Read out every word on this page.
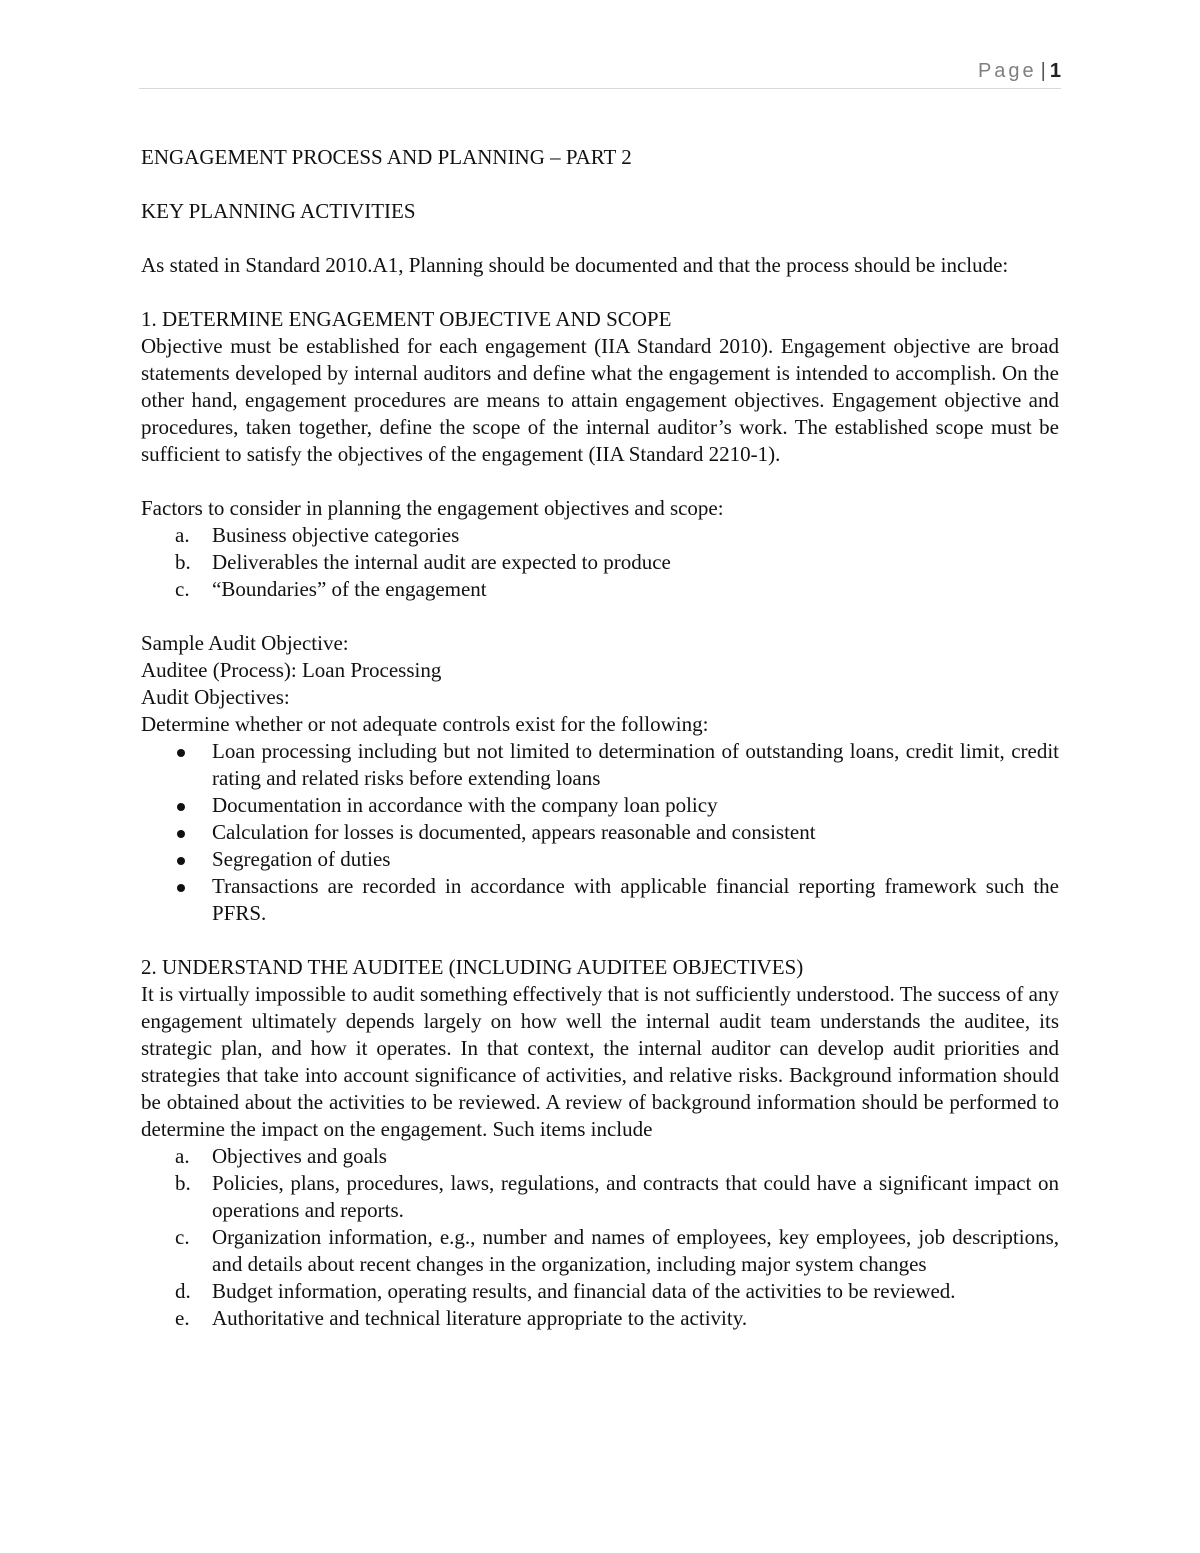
Page | 1

ENGAGEMENT PROCESS AND PLANNING – PART 2

KEY PLANNING ACTIVITIES

As stated in Standard 2010.A1, Planning should be documented and that the process should be include:

1. DETERMINE ENGAGEMENT OBJECTIVE AND SCOPE

Objective must be established for each engagement (IIA Standard 2010). Engagement objective are broad statements developed by internal auditors and define what the engagement is intended to accomplish. On the other hand, engagement procedures are means to attain engagement objectives. Engagement objective and procedures, taken together, define the scope of the internal auditor’s work. The established scope must be sufficient to satisfy the objectives of the engagement (IIA Standard 2210-1).

Factors to consider in planning the engagement objectives and scope:

a. Business objective categories
b. Deliverables the internal audit are expected to produce
c. “Boundaries” of the engagement

Sample Audit Objective:

Auditee (Process): Loan Processing

Audit Objectives:

Determine whether or not adequate controls exist for the following:

Loan processing including but not limited to determination of outstanding loans, credit limit, credit rating and related risks before extending loans
Documentation in accordance with the company loan policy
Calculation for losses is documented, appears reasonable and consistent
Segregation of duties
Transactions are recorded in accordance with applicable financial reporting framework such the PFRS.

2. UNDERSTAND THE AUDITEE (INCLUDING AUDITEE OBJECTIVES)

It is virtually impossible to audit something effectively that is not sufficiently understood. The success of any engagement ultimately depends largely on how well the internal audit team understands the auditee, its strategic plan, and how it operates. In that context, the internal auditor can develop audit priorities and strategies that take into account significance of activities, and relative risks. Background information should be obtained about the activities to be reviewed. A review of background information should be performed to determine the impact on the engagement. Such items include

a. Objectives and goals
b. Policies, plans, procedures, laws, regulations, and contracts that could have a significant impact on operations and reports.
c. Organization information, e.g., number and names of employees, key employees, job descriptions, and details about recent changes in the organization, including major system changes
d. Budget information, operating results, and financial data of the activities to be reviewed.
e. Authoritative and technical literature appropriate to the activity.
